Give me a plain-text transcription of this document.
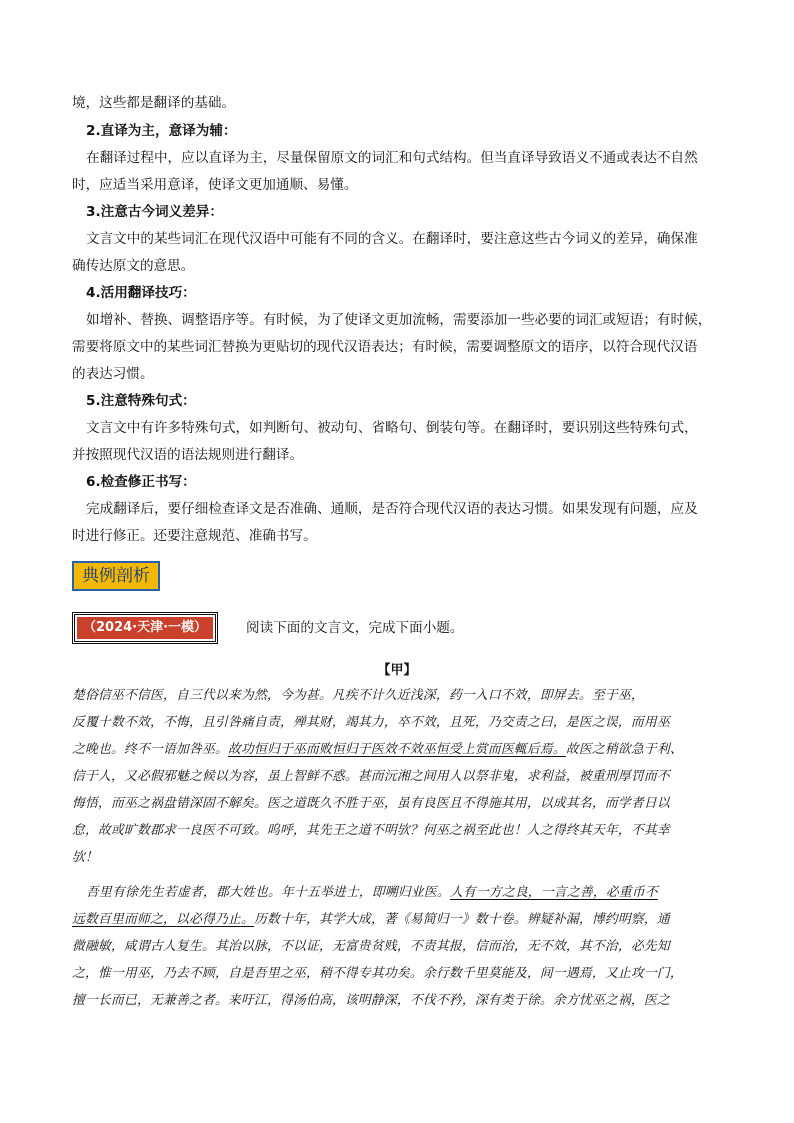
境，这些都是翻译的基础。
2.直译为主，意译为辅：
在翻译过程中，应以直译为主，尽量保留原文的词汇和句式结构。但当直译导致语义不通或表达不自然
时，应适当采用意译，使译文更加通顺、易懂。
3.注意古今词义差异：
文言文中的某些词汇在现代汉语中可能有不同的含义。在翻译时，要注意这些古今词义的差异，确保准
确传达原文的意思。
4.活用翻译技巧：
如增补、替换、调整语序等。有时候，为了使译文更加流畅，需要添加一些必要的词汇或短语；有时候，
需要将原文中的某些词汇替换为更贴切的现代汉语表达；有时候，需要调整原文的语序，以符合现代汉语
的表达习惯。
5.注意特殊句式：
文言文中有许多特殊句式，如判断句、被动句、省略句、倒装句等。在翻译时，要识别这些特殊句式，
并按照现代汉语的语法规则进行翻译。
6.检查修正书写：
完成翻译后，要仔细检查译文是否准确、通顺，是否符合现代汉语的表达习惯。如果发现有问题，应及
时进行修正。还要注意规范、准确书写。
典例剖析
（2024·天津·一模）	阅读下面的文言文，完成下面小题。
【甲】
楚俗信巫不信医，自三代以来为然，今为甚。凡疾不计久近浅深，药一入口不效，即屏去。至于巫，
反覆十数不效，不悔，且引咎痛自责，殚其财，竭其力，卒不效，且死，乃交责之曰，是医之误，而用巫
之晚也。终不一语加咎巫。故功恒归于巫而败恒归于医效不效巫恒受上赏而医輒后焉。故医之稍欲急于利、
信于人，又必假邪魅之候以为容，虽上智鲜不惑。甚而沅湘之间用人以祭非鬼，求利益，被重刑厚罚而不
悔悟，而巫之祸盘错深固不解矣。医之道既久不胜于巫，虽有良医且不得施其用，以成其名，而学者日以
怠，故或旷数郡求一良医不可致。呜呼，其先王之道不明欤？何巫之祸至此也！人之得终其天年，不其幸
欤！
吾里有徐先生若虚者，郡大姓也。年十五举进士，即嗍归业医。人有一方之良，一言之善，必重币不
远数百里而师之，以必得乃止。历数十年，其学大成，著《易简归一》数十卷。辨疑补漏，博约明察，通
微融敏，咸谓古人复生。其治以脉，不以证，无富贵贫贱，不责其报，信而治，无不效，其不治，必先知
之，惟一用巫，乃去不顾，自是吾里之巫，稍不得专其功矣。余行数千里莫能及，间一遇焉，又止攻一门，
擅一长而已，无兼善之者。来吁江，得汤伯高，该明静深，不伐不矜，深有类于徐。余方忧巫之祸，医之
